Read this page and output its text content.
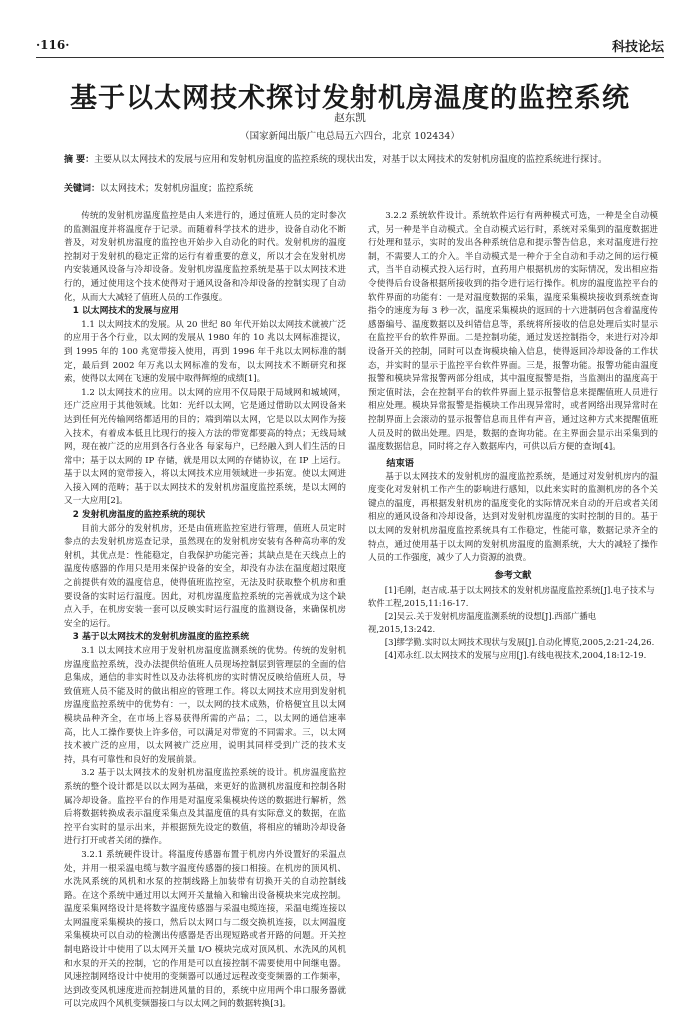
·116·	科技论坛
基于以太网技术探讨发射机房温度的监控系统
赵东凯
（国家新闻出版广电总局五六四台，北京 102434）
摘 要：主要从以太网技术的发展与应用和发射机房温度的监控系统的现状出发，对基于以太网技术的发射机房温度的监控系统进行探讨。
关键词：以太网技术；发射机房温度；监控系统

传统的发射机房温度监控是由人来进行的，通过值班人员的定时参次的监测温度并将温度存于记录。而随着科学技术的进步，设备自动化不断普及，对发射机房温度的监控也开始步入自动化的时代。发射机房的温度控制对于发射机的稳定正常的运行有着重要的意义，所以才会在发射机房内安装通风设备与冷却设备。发射机房温度监控系统是基于以太网技术进行的，通过使用这个技术使得对于通风设备和冷却设备的控制实现了自动化，从而大大减轻了值班人员的工作强度。

1 以太网技术的发展与应用

1.1 以太网技术的发展。从 20 世纪 80 年代开始以太网技术就被广泛的应用于各个行业，以太网的发展从 1980 年的 10 兆以太网标准提议，到 1995 年的 100 兆宽带接入使用，再到 1996 年千兆以太网标准的制定，最后到 2002 年万兆以太网标准的发布，以太网技术不断研究和探索，使得以太网在飞速的发展中取得辉煌的成绩[1]。

1.2 以太网技术的应用。以太网的应用不仅局限于局域网和城域网，还广泛应用于其他领域。比如：光纤以太网，它是通过借助以太网设备来达到任何光传输网络都适用的目的；端到端以太网，它是以以太网作为接入技术，有着成本低且比现行的接入方法的带宽都要高的特点；无线局域网，现在被广泛的应用到各行各业各 每家每户，已经融入到人们生活的日常中；基于以太网的 IP 存储，就是用以太网的存储协议，在 IP 上运行。基于以太网的宽带接入，将以太网技术应用领域进一步拓宽。使以太网进入接入网的范畴；基于以太网技术的发射机房温度监控系统，是以太网的又一大应用[2]。

2 发射机房温度的监控系统的现状

目前大部分的发射机房，还是由值班监控室进行管理，值班人员定时参点的去发射机房巡查记录，虽然现在的发射机房安装有各种高功率的发射机，其优点是：性能稳定，自我保护功能完善；其缺点是在天线点上的温度传感器的作用只是用来保护设备的安全，却没有办法在温度超过限度之前提供有效的温度信息，使得值班监控室，无法及时获取整个机房和重要设备的实时运行温度。因此，对机房温度监控系统的完善就成为这个缺点入手，在机房安装一套可以反映实时运行温度的监测设备，来确保机房安全的运行。

3 基于以太网技术的发射机房温度的监控系统

3.1 以太网技术应用于发射机房温度监测系统的优势。传统的发射机房温度监控系统，没办法提供给值班人员现场控制层到管理层的全面的信息集成，通信的非实时性以及办法将机房的实时情况反映给值班人员，导致值班人员不能及时的做出相应的管理工作。将以太网技术应用到发射机房温度监控系统中的优势有：一，以太网的技术成熟，价格便宜且以太网模块品种齐全，在市场上容易获得所需的产品；二，以太网的通信速率高，比人工操作要快上许多倍，可以满足对带宽的不同需求。三，以太网技术被广泛的应用，以太网被广泛应用，说明其同样受到广泛的技术支持，具有可靠性和良好的发展前景。

3.2 基于以太网技术的发射机房温度监控系统的设计。机房温度监控系统的整个设计都是以以太网为基础，来更好的监测机房温度和控制各附属冷却设备。监控平台的作用是对温度采集模块传送的数据进行解析，然后将数据转换成表示温度采集点及其温度值的具有实际意义的数据，在监控平台实时的显示出来，并根据预先设定的数值，将相应的辅助冷却设备进行打开或者关闭的操作。

3.2.1 系统硬件设计。将温度传感器布置于机房内外设置好的采温点处，并用一根采温电缆与数字温度传感器的接口相接。在机房的顶风机、水洗风系统的风机和水泵的控制线路上加装带有切换开关的自动控制线路。在这个系统中通过用以太网开关量输入和输出设备模块来完成控制。温度采集网络设计是将数字温度传感器与采温电缆连接，采温电缆连接以太网温度采集模块的接口，然后以太网口与二级交换机连接，以太网温度采集模块可以自动的检测出传感器是否出现短路或者开路的问题。开关控制电路设计中使用了以太网开关量 I/O 模块完成对顶风机、水洗风的风机和水泵的开关的控制，它的作用是可以直接控制不需要使用中间继电器。风速控制网络设计中使用的变频器可以通过远程改变变频器的工作频率，达到改变风机速度进而控制进风量的目的，系统中应用两个串口服务器就可以完成四个风机变频器接口与以太网之间的数据转换[3]。

3.2.2 系统软件设计。系统软件运行有两种模式可选，一种是全自动模式，另一种是半自动模式。全自动模式运行时，系统对采集到的温度数据进行处理和显示，实时的发出各种系统信息和提示警告信息，来对温度进行控制，不需要人工的介入。半自动模式是一种介于全自动和手动之间的运行模式，当半自动模式投入运行时，直药用户根据机房的实际情况，发出相应指令使得后台设备根据所接收到的指令进行运行操作。机房的温度监控平台的软件界面的功能有：一是对温度数据的采集，温度采集模块接收到系统查询指令的速度为每 3 秒一次，温度采集模块的返回的十六进制码包含着温度传感器编号、温度数据以及纠错信息等，系统将所接收的信息处理后实时显示在监控平台的软件界面。二是控制功能，通过发送控制指令，来进行对冷却设备开关的控制，同时可以查询模块输入信息，使得返回冷却设备的工作状态，并实时的显示于监控平台软件界面。三是，报警功能。报警功能由温度报警和模块异常报警两部分组成，其中温度报警是指，当监测出的温度高于预定值时法，会在控制平台的软件界面上显示报警信息来提醒值班人员进行相应处理。模块异常报警是指模块工作出现异常时，或者网络出现异常时在控制界面上会滚动的显示报警信息而且伴有声音，通过这种方式来提醒值班人员及时的做出处理。四是，数据的查询功能。在主界面会显示出采集到的温度数据信息，同时将之存入数据库内，可供以后方便的查询[4]。

结束语

基于以太网技术的发射机房的温度监控系统，是通过对发射机房内的温度变化对发射机工作产生的影响进行感知，以此来实时的监测机房的各个关键点的温度，再根据发射机房的温度变化的实际情况来自动的开启或者关闭相应的通风设备和冷却设备，达到对发射机房温度的实时控制的目的。基于以太网的发射机房温度监控系统具有工作稳定，性能可靠，数据记录齐全的特点，通过使用基于以太网的发射机房温度的监测系统，大大的减轻了操作人员的工作强度，减少了人力资源的浪费。

参考文献

[1]毛刚，赵吉成.基于以太网技术的发射机房温度监控系统[J].电子技术与软件工程,2015,11:16-17.

[2]吴云.关于发射机房温度监测系统的设想[J].西部广播电视,2015,13:242.

[3]缪学勤.实时以太网技术现状与发展[J].自动化博览,2005,2:21-24,26.

[4]邓永红.以太网技术的发展与应用[J].有线电视技术,2004,18:12-19.
